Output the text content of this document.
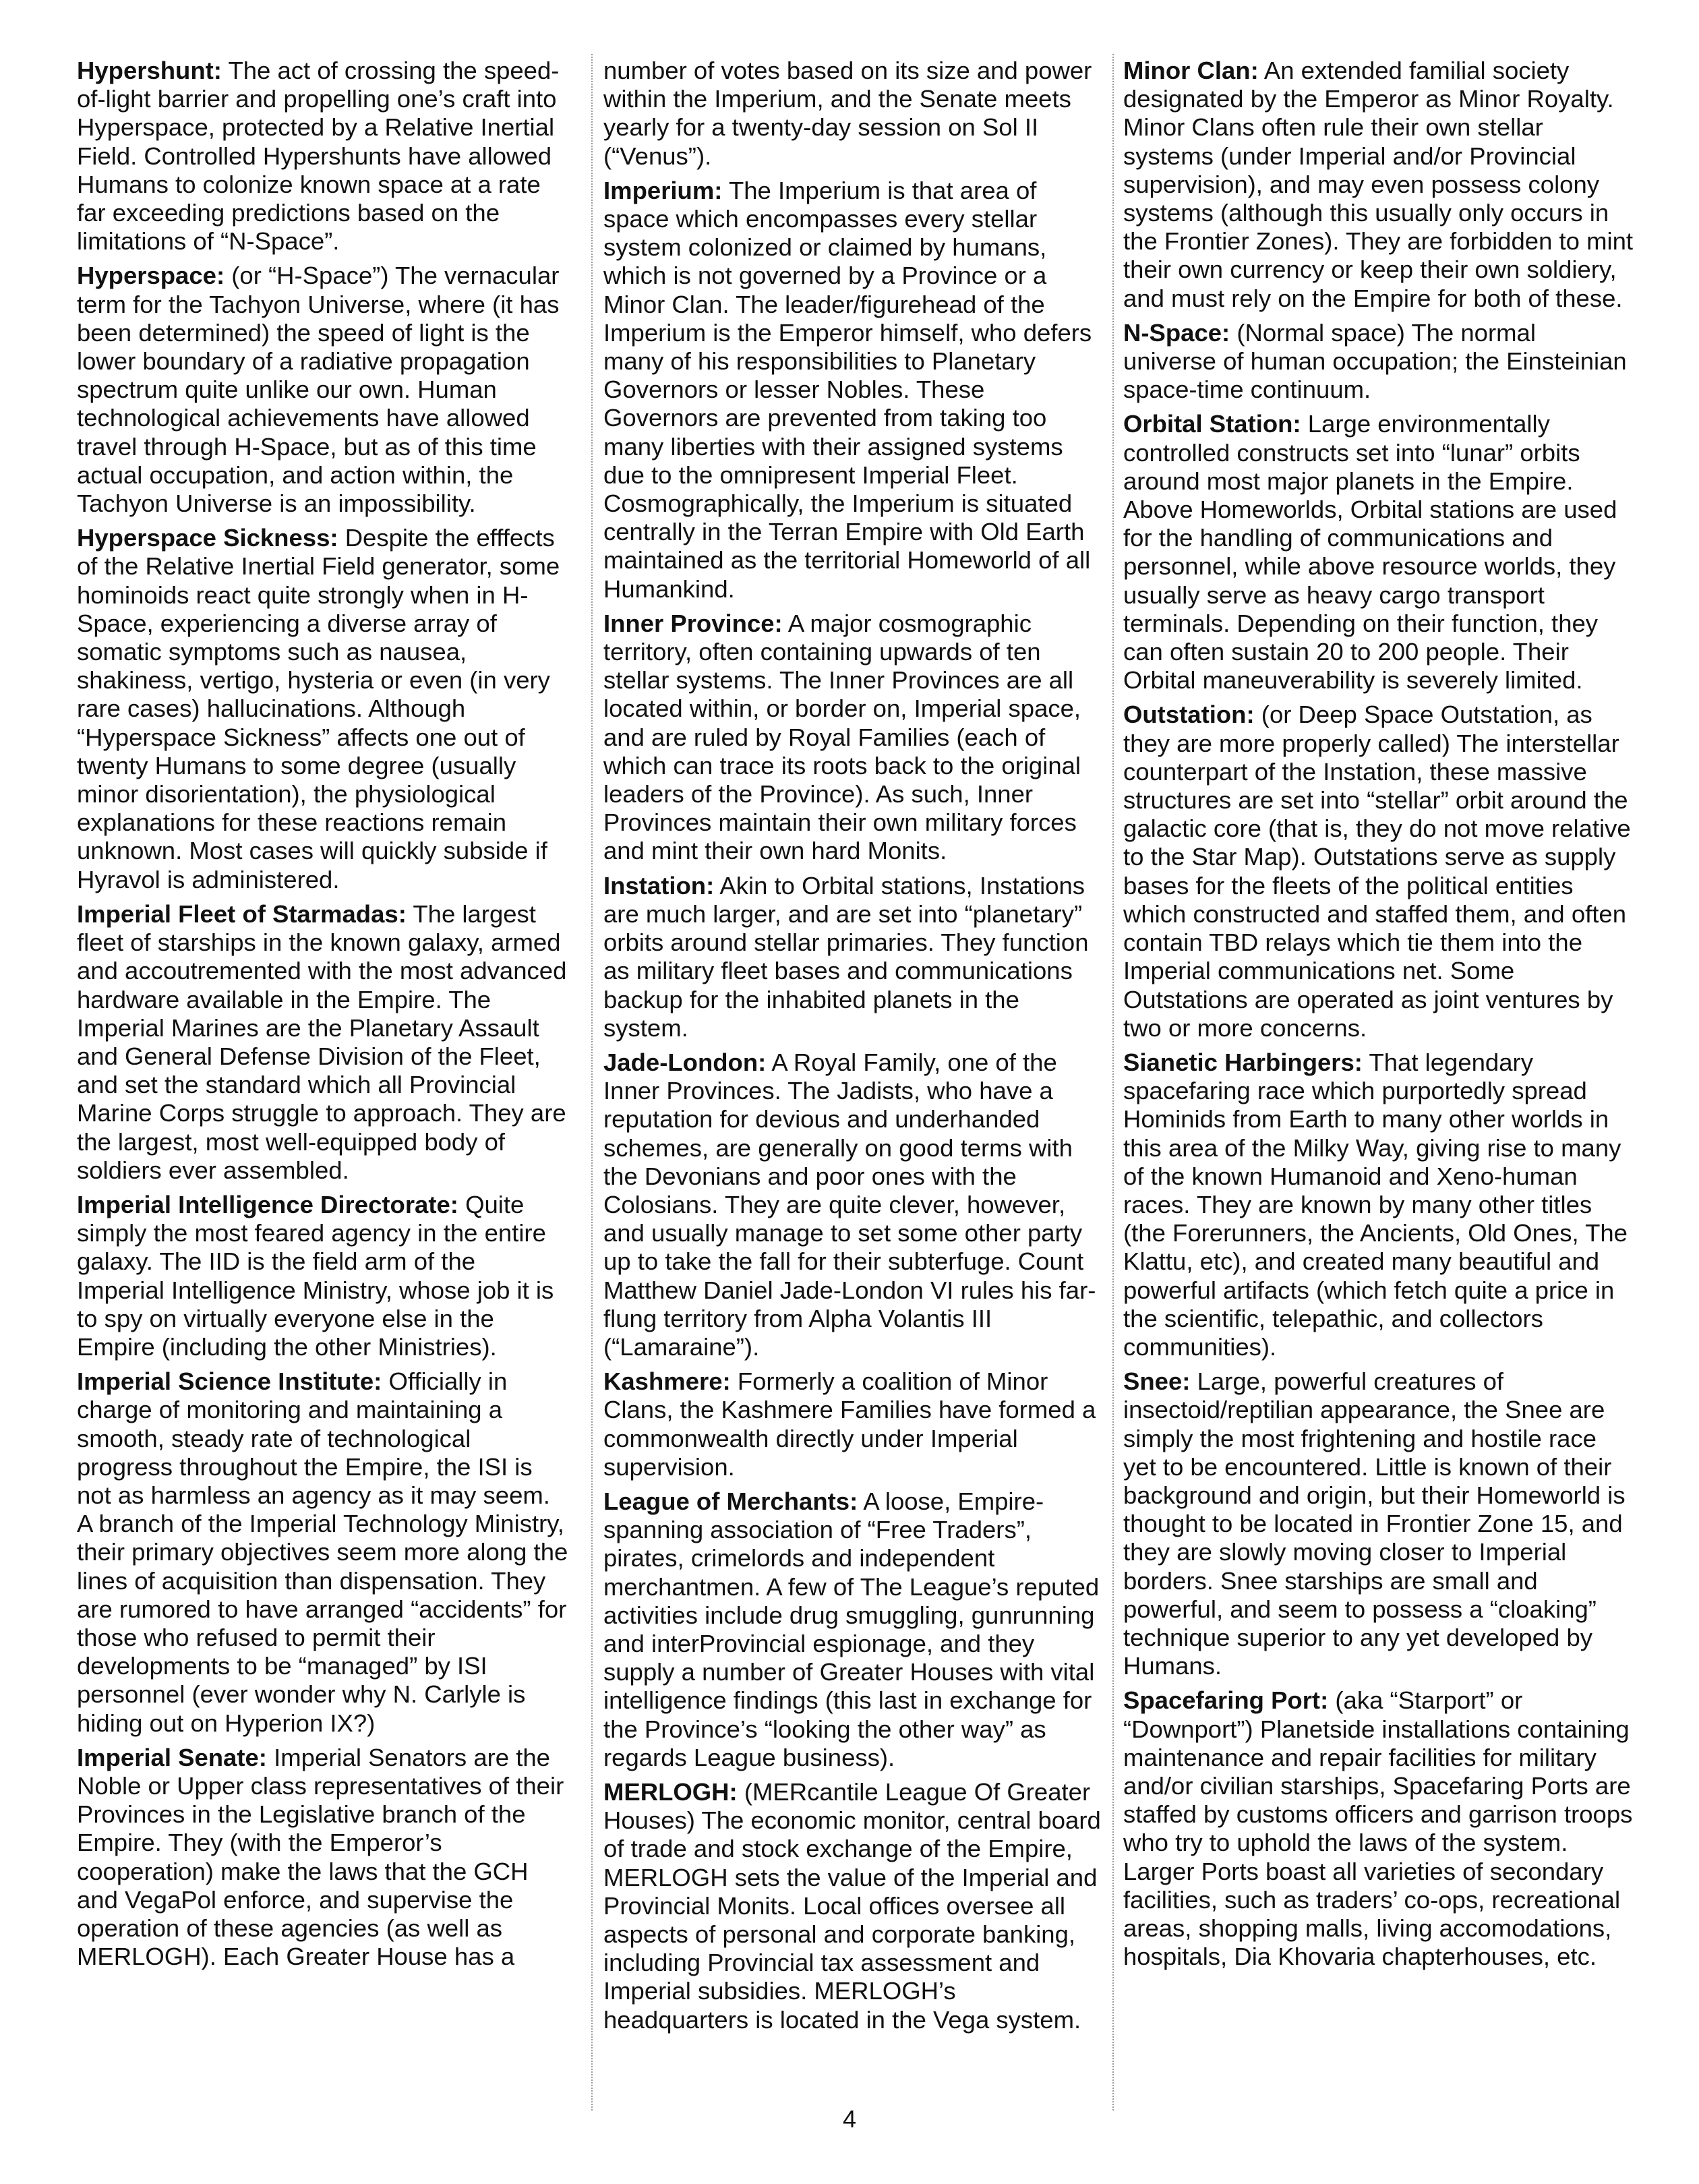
Hypershunt: The act of crossing the speed-of-light barrier and propelling one’s craft into Hyperspace, protected by a Relative Inertial Field. Controlled Hypershunts have allowed Humans to colonize known space at a rate far exceeding predictions based on the limitations of “N-Space”.

Hyperspace: (or “H-Space”) The vernacular term for the Tachyon Universe, where (it has been determined) the speed of light is the lower boundary of a radiative propagation spectrum quite unlike our own. Human technological achievements have allowed travel through H-Space, but as of this time actual occupation, and action within, the Tachyon Universe is an impossibility.

Hyperspace Sickness: Despite the efffects of the Relative Inertial Field generator, some hominoids react quite strongly when in H-Space, experiencing a diverse array of somatic symptoms such as nausea, shakiness, vertigo, hysteria or even (in very rare cases) hallucinations. Although “Hyperspace Sickness” affects one out of twenty Humans to some degree (usually minor disorientation), the physiological explanations for these reactions remain unknown. Most cases will quickly subside if Hyravol is administered.

Imperial Fleet of Starmadas: The largest fleet of starships in the known galaxy, armed and accoutremented with the most advanced hardware available in the Empire. The Imperial Marines are the Planetary Assault and General Defense Division of the Fleet, and set the standard which all Provincial Marine Corps struggle to approach. They are the largest, most well-equipped body of soldiers ever assembled.

Imperial Intelligence Directorate: Quite simply the most feared agency in the entire galaxy. The IID is the field arm of the Imperial Intelligence Ministry, whose job it is to spy on virtually everyone else in the Empire (including the other Ministries).

Imperial Science Institute: Officially in charge of monitoring and maintaining a smooth, steady rate of technological progress throughout the Empire, the ISI is not as harmless an agency as it may seem. A branch of the Imperial Technology Ministry, their primary objectives seem more along the lines of acquisition than dispensation. They are rumored to have arranged “accidents” for those who refused to permit their developments to be “managed” by ISI personnel (ever wonder why N. Carlyle is hiding out on Hyperion IX?)

Imperial Senate: Imperial Senators are the Noble or Upper class representatives of their Provinces in the Legislative branch of the Empire. They (with the Emperor’s cooperation) make the laws that the GCH and VegaPol enforce, and supervise the operation of these agencies (as well as MERLOGH). Each Greater House has a

number of votes based on its size and power within the Imperium, and the Senate meets yearly for a twenty-day session on Sol II (“Venus”).

Imperium: The Imperium is that area of space which encompasses every stellar system colonized or claimed by humans, which is not governed by a Province or a Minor Clan. The leader/figurehead of the Imperium is the Emperor himself, who defers many of his responsibilities to Planetary Governors or lesser Nobles. These Governors are prevented from taking too many liberties with their assigned systems due to the omnipresent Imperial Fleet. Cosmographically, the Imperium is situated centrally in the Terran Empire with Old Earth maintained as the territorial Homeworld of all Humankind.

Inner Province: A major cosmographic territory, often containing upwards of ten stellar systems. The Inner Provinces are all located within, or border on, Imperial space, and are ruled by Royal Families (each of which can trace its roots back to the original leaders of the Province). As such, Inner Provinces maintain their own military forces and mint their own hard Monits.

Instation: Akin to Orbital stations, Instations are much larger, and are set into “planetary” orbits around stellar primaries. They function as military fleet bases and communications backup for the inhabited planets in the system.

Jade-London: A Royal Family, one of the Inner Provinces. The Jadists, who have a reputation for devious and underhanded schemes, are generally on good terms with the Devonians and poor ones with the Colosians. They are quite clever, however, and usually manage to set some other party up to take the fall for their subterfuge. Count Matthew Daniel Jade-London VI rules his far-flung territory from Alpha Volantis III (“Lamaraine”).

Kashmere: Formerly a coalition of Minor Clans, the Kashmere Families have formed a commonwealth directly under Imperial supervision.

League of Merchants: A loose, Empire-spanning association of “Free Traders”, pirates, crimelords and independent merchantmen. A few of The League’s reputed activities include drug smuggling, gunrunning and interProvincial espionage, and they supply a number of Greater Houses with vital intelligence findings (this last in exchange for the Province’s “looking the other way” as regards League business).

MERLOGH: (MERcantile League Of Greater Houses) The economic monitor, central board of trade and stock exchange of the Empire, MERLOGH sets the value of the Imperial and Provincial Monits. Local offices oversee all aspects of personal and corporate banking, including Provincial tax assessment and Imperial subsidies. MERLOGH’s headquarters is located in the Vega system.

Minor Clan: An extended familial society designated by the Emperor as Minor Royalty. Minor Clans often rule their own stellar systems (under Imperial and/or Provincial supervision), and may even possess colony systems (although this usually only occurs in the Frontier Zones). They are forbidden to mint their own currency or keep their own soldiery, and must rely on the Empire for both of these.

N-Space: (Normal space) The normal universe of human occupation; the Einsteinian space-time continuum.

Orbital Station: Large environmentally controlled constructs set into “lunar” orbits around most major planets in the Empire. Above Homeworlds, Orbital stations are used for the handling of communications and personnel, while above resource worlds, they usually serve as heavy cargo transport terminals. Depending on their function, they can often sustain 20 to 200 people. Their Orbital maneuverability is severely limited.

Outstation: (or Deep Space Outstation, as they are more properly called) The interstellar counterpart of the Instation, these massive structures are set into “stellar” orbit around the galactic core (that is, they do not move relative to the Star Map). Outstations serve as supply bases for the fleets of the political entities which constructed and staffed them, and often contain TBD relays which tie them into the Imperial communications net. Some Outstations are operated as joint ventures by two or more concerns.

Sianetic Harbingers: That legendary spacefaring race which purportedly spread Hominids from Earth to many other worlds in this area of the Milky Way, giving rise to many of the known Humanoid and Xeno-human races. They are known by many other titles (the Forerunners, the Ancients, Old Ones, The Klattu, etc), and created many beautiful and powerful artifacts (which fetch quite a price in the scientific, telepathic, and collectors communities).

Snee: Large, powerful creatures of insectoid/reptilian appearance, the Snee are simply the most frightening and hostile race yet to be encountered. Little is known of their background and origin, but their Homeworld is thought to be located in Frontier Zone 15, and they are slowly moving closer to Imperial borders. Snee starships are small and powerful, and seem to possess a “cloaking” technique superior to any yet developed by Humans.

Spacefaring Port: (aka “Starport” or “Downport”) Planetside installations containing maintenance and repair facilities for military and/or civilian starships, Spacefaring Ports are staffed by customs officers and garrison troops who try to uphold the laws of the system. Larger Ports boast all varieties of secondary facilities, such as traders’ co-ops, recreational areas, shopping malls, living accomodations, hospitals, Dia Khovaria chapterhouses, etc.

4
